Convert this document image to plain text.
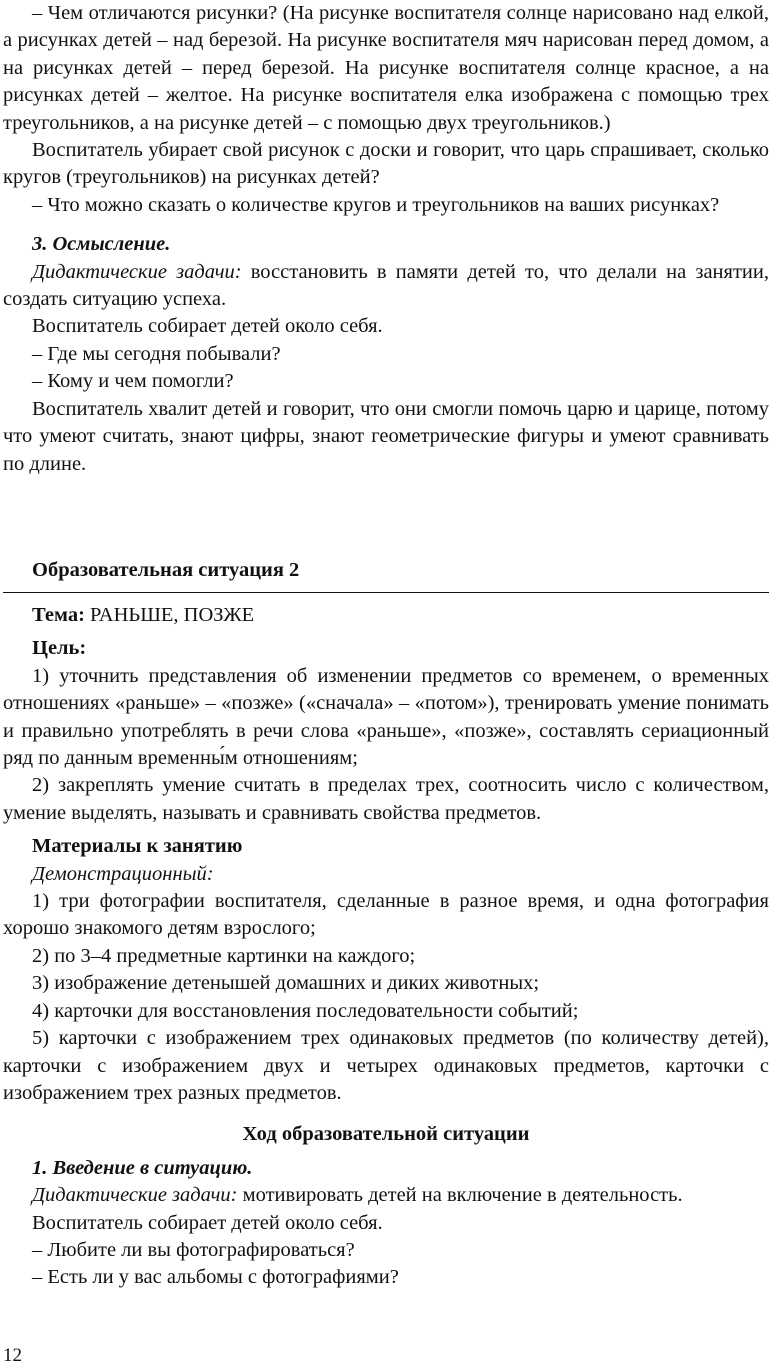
– Чем отличаются рисунки? (На рисунке воспитателя солнце нарисовано над елкой, а рисунках детей – над березой. На рисунке воспитателя мяч нарисован перед домом, а на рисунках детей – перед березой. На рисунке воспитателя солнце красное, а на рисунках детей – желтое. На рисунке воспитателя елка изображена с помощью трех треугольников, а на рисунке детей – с помощью двух треугольников.)

Воспитатель убирает свой рисунок с доски и говорит, что царь спрашивает, сколько кругов (треугольников) на рисунках детей?

– Что можно сказать о количестве кругов и треугольников на ваших рисунках?

3. Осмысление.

Дидактические задачи: восстановить в памяти детей то, что делали на занятии, создать ситуацию успеха.

Воспитатель собирает детей около себя.

– Где мы сегодня побывали?

– Кому и чем помогли?

Воспитатель хвалит детей и говорит, что они смогли помочь царю и царице, потому что умеют считать, знают цифры, знают геометрические фигуры и умеют сравнивать по длине.

Образовательная ситуация 2

Тема: РАНЬШЕ, ПОЗЖЕ

Цель:

1) уточнить представления об изменении предметов со временем, о временных отношениях «раньше» – «позже» («сначала» – «потом»), тренировать умение понимать и правильно употреблять в речи слова «раньше», «позже», составлять сериационный ряд по данным временны́м отношениям;

2) закреплять умение считать в пределах трех, соотносить число с количеством, умение выделять, называть и сравнивать свойства предметов.

Материалы к занятию

Демонстрационный:

1) три фотографии воспитателя, сделанные в разное время, и одна фотография хорошо знакомого детям взрослого;

2) по 3–4 предметные картинки на каждого;

3) изображение детенышей домашних и диких животных;

4) карточки для восстановления последовательности событий;

5) карточки с изображением трех одинаковых предметов (по количеству детей), карточки с изображением двух и четырех одинаковых предметов, карточки с изображением трех разных предметов.

Ход образовательной ситуации

1. Введение в ситуацию.

Дидактические задачи: мотивировать детей на включение в деятельность.

Воспитатель собирает детей около себя.

– Любите ли вы фотографироваться?

– Есть ли у вас альбомы с фотографиями?

12
